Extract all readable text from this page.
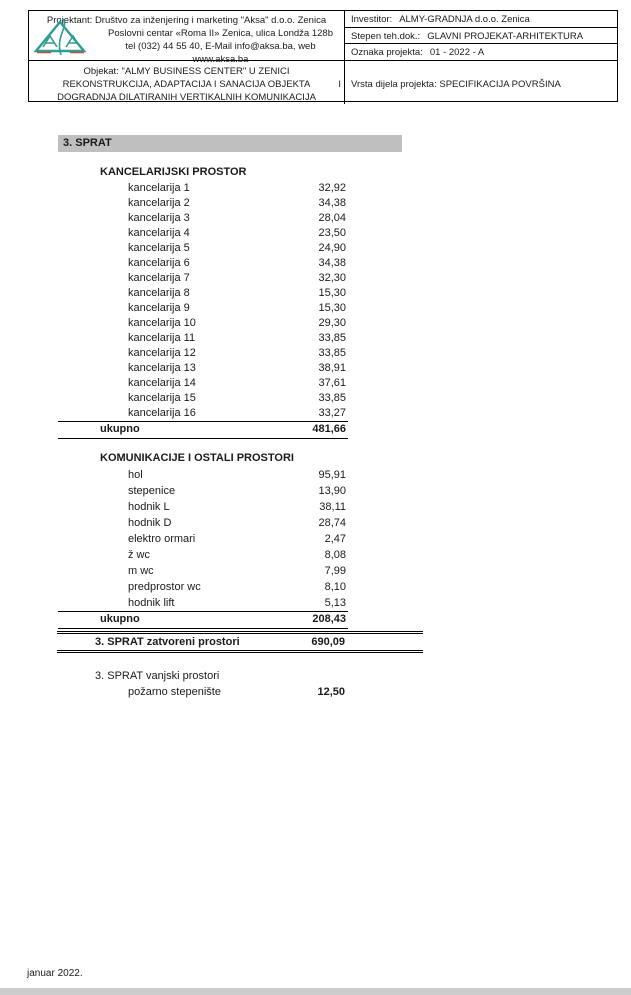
Projektant: Društvo za inženjering i marketing "Aksa" d.o.o. Zenica
Poslovni centar «Roma II» Zenica, ulica Londža 128b
tel (032) 44 55 40, E-Mail info@aksa.ba, web www.aksa.ba
Investitor: ALMY-GRADNJA d.o.o. Zenica
Stepen teh.dok.: GLAVNI PROJEKAT-ARHITEKTURA
Oznaka projekta: 01 - 2022 - A
Objekat: "ALMY BUSINESS CENTER" U ZENICI
REKONSTRUKCIJA, ADAPTACIJA I SANACIJA OBJEKTA
DOGRADNJA DILATIRANIH VERTIKALNIH KOMUNIKACIJA
I	Vrsta dijela projekta: SPECIFIKACIJA POVRŠINA
3. SPRAT
KANCELARIJSKI PROSTOR
kancelarija 1	32,92
kancelarija 2	34,38
kancelarija 3	28,04
kancelarija 4	23,50
kancelarija 5	24,90
kancelarija 6	34,38
kancelarija 7	32,30
kancelarija 8	15,30
kancelarija 9	15,30
kancelarija 10	29,30
kancelarija 11	33,85
kancelarija 12	33,85
kancelarija 13	38,91
kancelarija 14	37,61
kancelarija 15	33,85
kancelarija 16	33,27
ukupno	481,66
KOMUNIKACIJE I OSTALI PROSTORI
hol	95,91
stepenice	13,90
hodnik L	38,11
hodnik D	28,74
elektro ormari	2,47
ž wc	8,08
m wc	7,99
predprostor wc	8,10
hodnik lift	5,13
ukupno	208,43
3. SPRAT zatvoreni prostori	690,09
3. SPRAT vanjski prostori
požarno stepenište	12,50
januar 2022.
